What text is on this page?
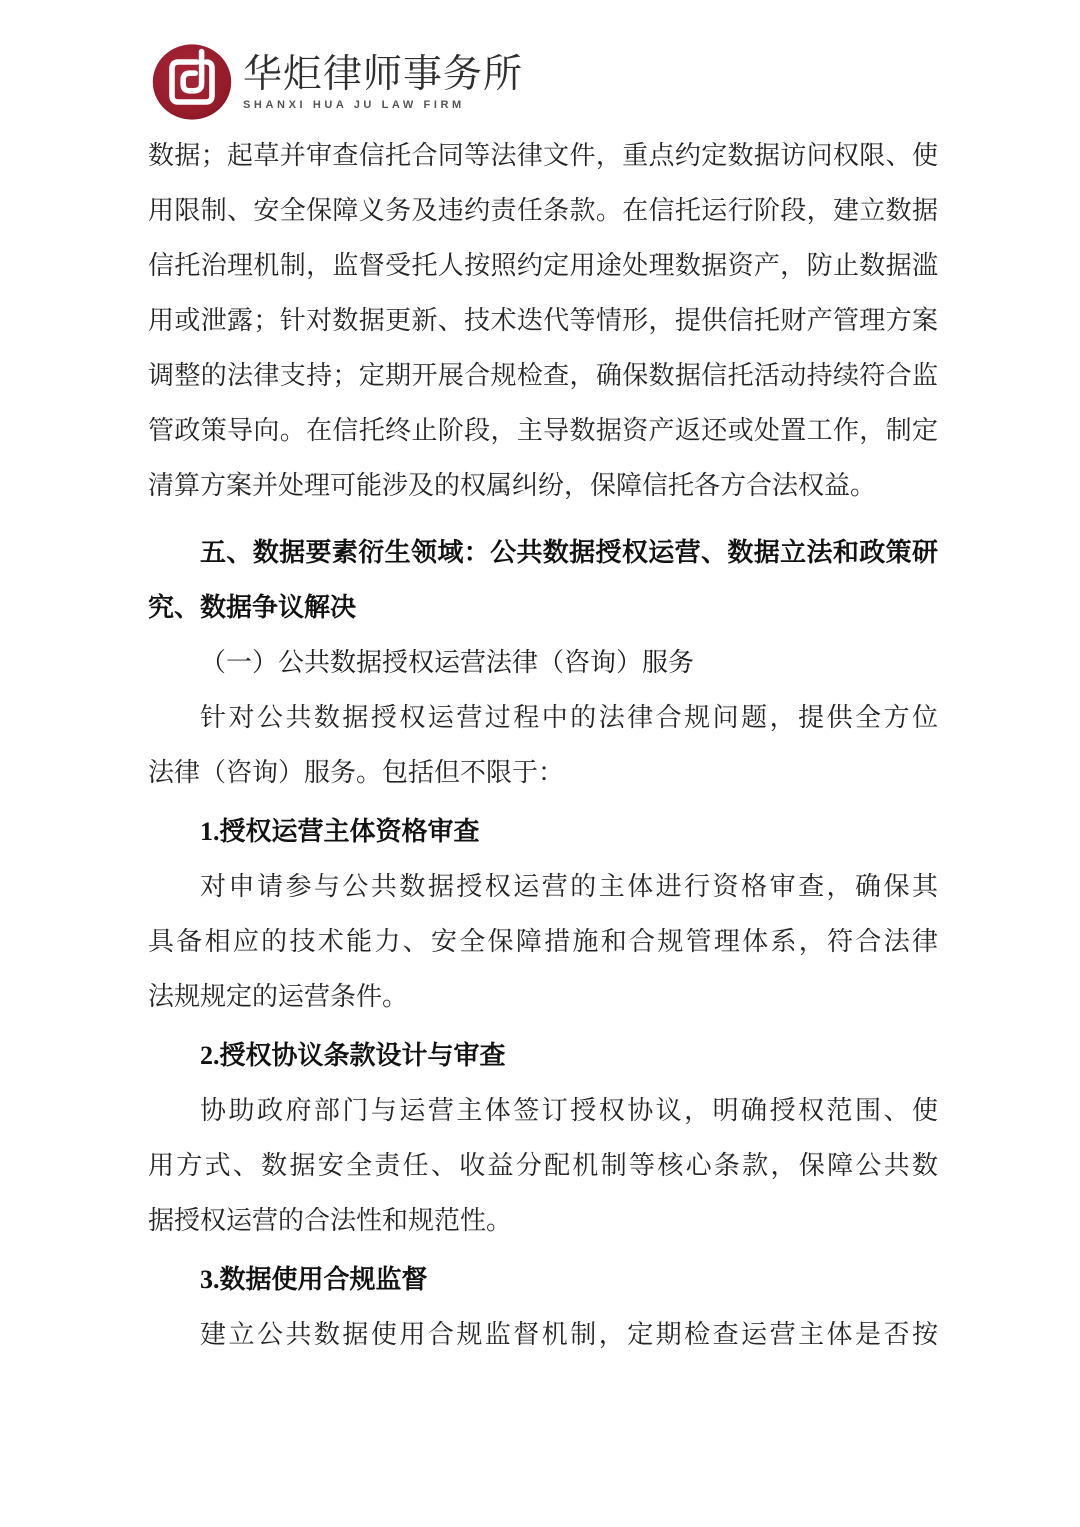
华炬律师事务所
SHANXI HUA JU LAW FIRM
数据；起草并审查信托合同等法律文件，重点约定数据访问权限、使
用限制、安全保障义务及违约责任条款。在信托运行阶段，建立数据
信托治理机制，监督受托人按照约定用途处理数据资产，防止数据滥
用或泄露；针对数据更新、技术迭代等情形，提供信托财产管理方案
调整的法律支持；定期开展合规检查，确保数据信托活动持续符合监
管政策导向。在信托终止阶段，主导数据资产返还或处置工作，制定
清算方案并处理可能涉及的权属纠纷，保障信托各方合法权益。
五、数据要素衍生领域：公共数据授权运营、数据立法和政策研
究、数据争议解决
（一）公共数据授权运营法律（咨询）服务
针对公共数据授权运营过程中的法律合规问题，提供全方位
法律（咨询）服务。包括但不限于：
1.授权运营主体资格审查
对申请参与公共数据授权运营的主体进行资格审查，确保其
具备相应的技术能力、安全保障措施和合规管理体系，符合法律
法规规定的运营条件。
2.授权协议条款设计与审查
协助政府部门与运营主体签订授权协议，明确授权范围、使
用方式、数据安全责任、收益分配机制等核心条款，保障公共数
据授权运营的合法性和规范性。
3.数据使用合规监督
建立公共数据使用合规监督机制，定期检查运营主体是否按
